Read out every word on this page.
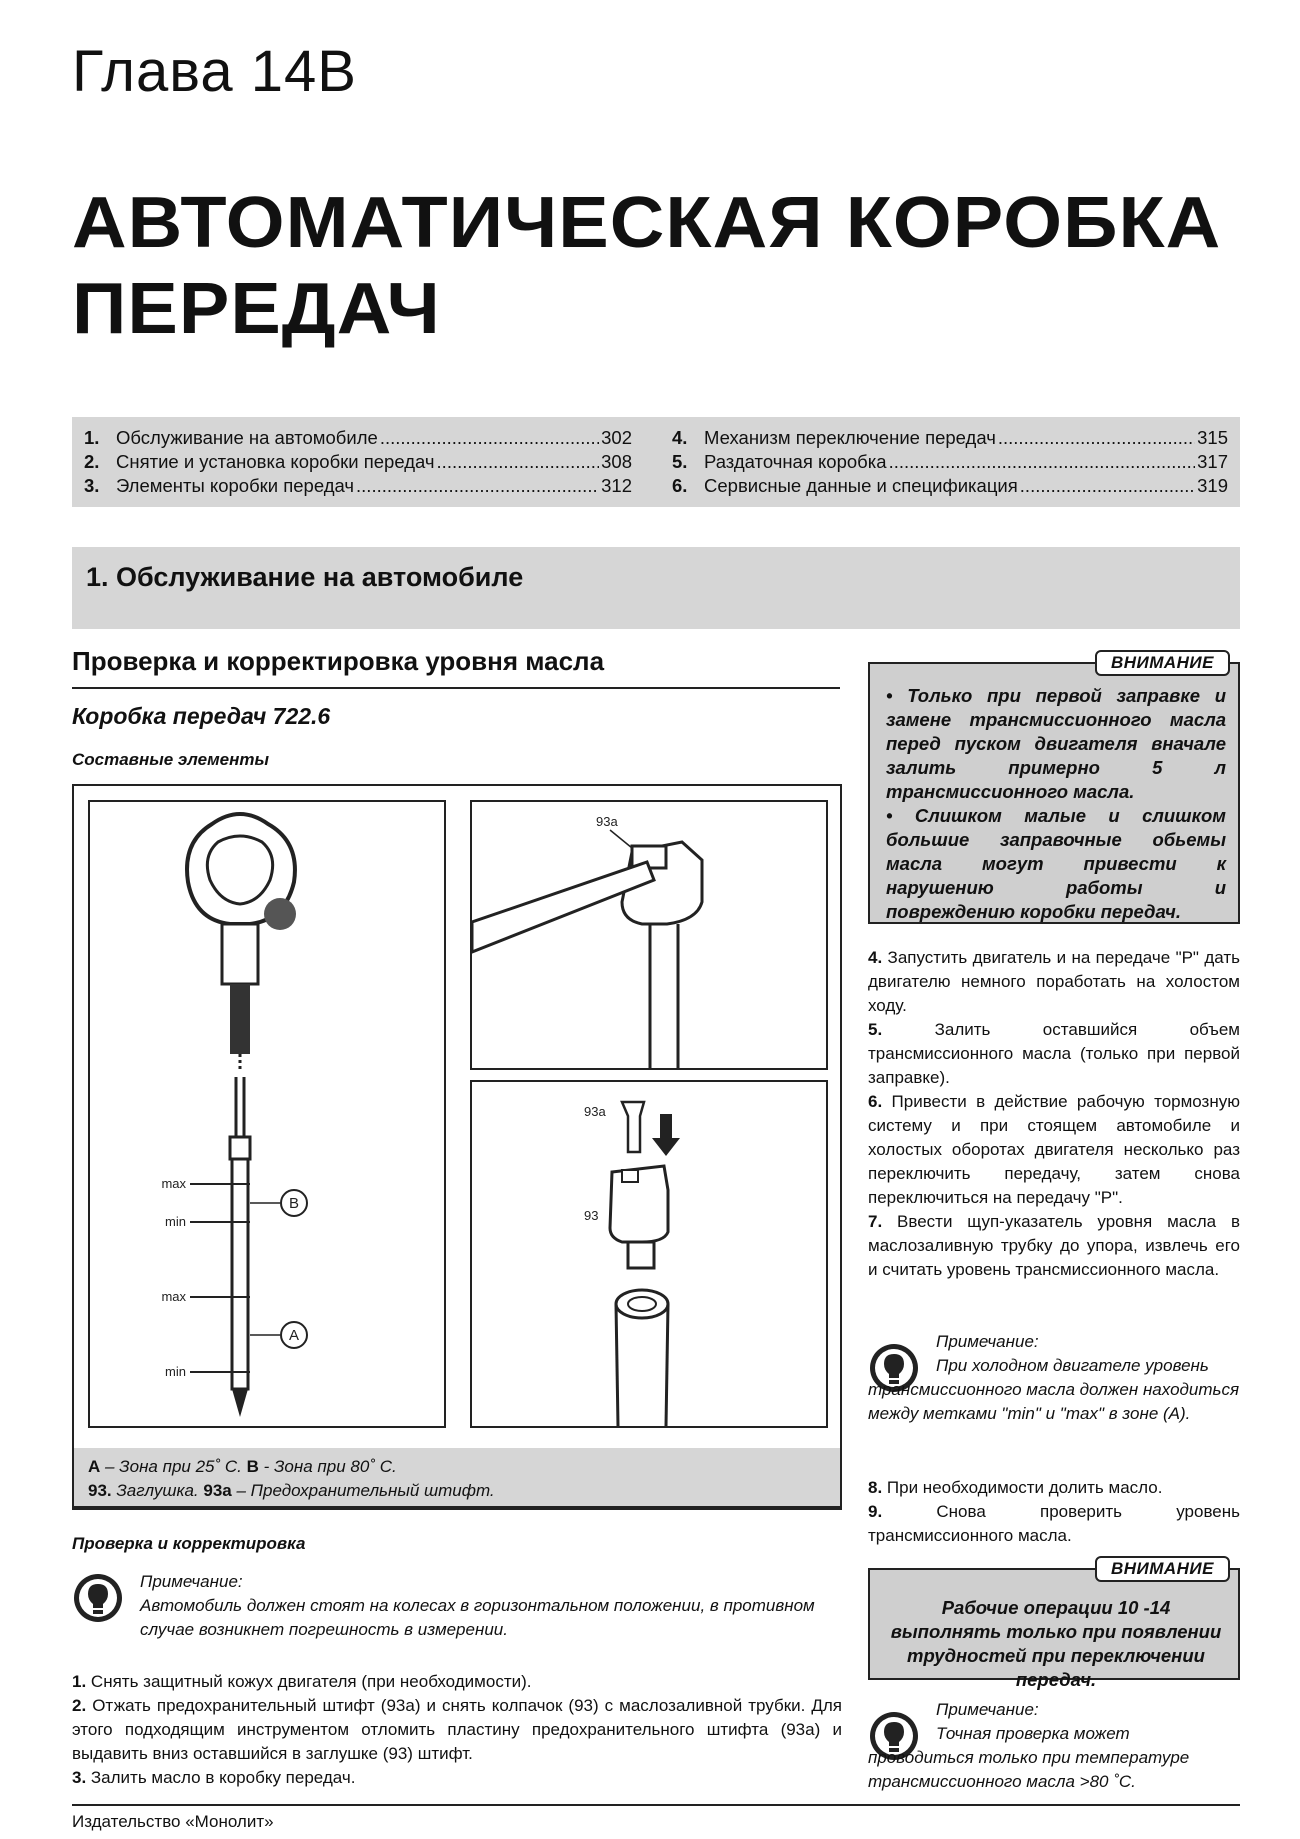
Глава 14В
АВТОМАТИЧЕСКАЯ КОРОБКА ПЕРЕДАЧ
1. Обслуживание на автомобиле .....	302
2. Снятие и установка коробки передач .....	308
3. Элементы коробки передач .....	312
4. Механизм переключение передач .....	315
5. Раздаточная коробка .....	317
6. Сервисные данные и спецификация .....	319
1. Обслуживание на автомобиле
Проверка и корректировка уровня масла
Коробка передач 722.6
Составные элементы
max
min
max
min
B
A
93a
93a
93
A – Зона при 25˚ С. B - Зона при 80˚ С.
93. Заглушка. 93а – Предохранительный штифт.
Проверка и корректировка
Примечание:
Автомобиль должен стоят на колесах в горизонтальном положении, в противном случае возникнет погрешность в измерении.

1. Снять защитный кожух двигателя (при необходимости).

2. Отжать предохранительный штифт (93а) и снять колпачок (93) с маслозаливной трубки. Для этого подходящим инструментом отломить пластину предохранительного штифта (93а) и выдавить вниз оставшийся в заглушке (93) штифт.

3. Залить масло в коробку передач.

ВНИМАНИЕ

• Только при первой заправке и замене трансмиссионного масла перед пуском двигателя вначале залить примерно 5 л трансмиссионного масла.

• Слишком малые и слишком большие заправочные обьемы масла могут привести к нарушению работы и повреждению коробки передач.

4. Запустить двигатель и на передаче "Р" дать двигателю немного поработать на холостом ходу.

5. Залить оставшийся объем трансмиссионного масла (только при первой заправке).

6. Привести в действие рабочую тормозную систему и при стоящем автомобиле и холостых оборотах двигателя несколько раз переключить передачу, затем снова переключиться на передачу "Р".

7. Ввести щуп-указатель уровня масла в маслозаливную трубку до упора, извлечь его и считать уровень трансмиссионного масла.

Примечание:
При холодном двигателе уровень трансмиссионного масла должен находиться между метками "min" и "max" в зоне (А).

8. При необходимости долить масло.

9. Снова проверить уровень трансмиссионного масла.

ВНИМАНИЕ
Рабочие операции 10 -14 выполнять только при появлении трудностей при переключении передач.
Примечание:
Точная проверка может проводиться только при температуре трансмиссионного масла >80 ˚С.
Издательство «Монолит»
